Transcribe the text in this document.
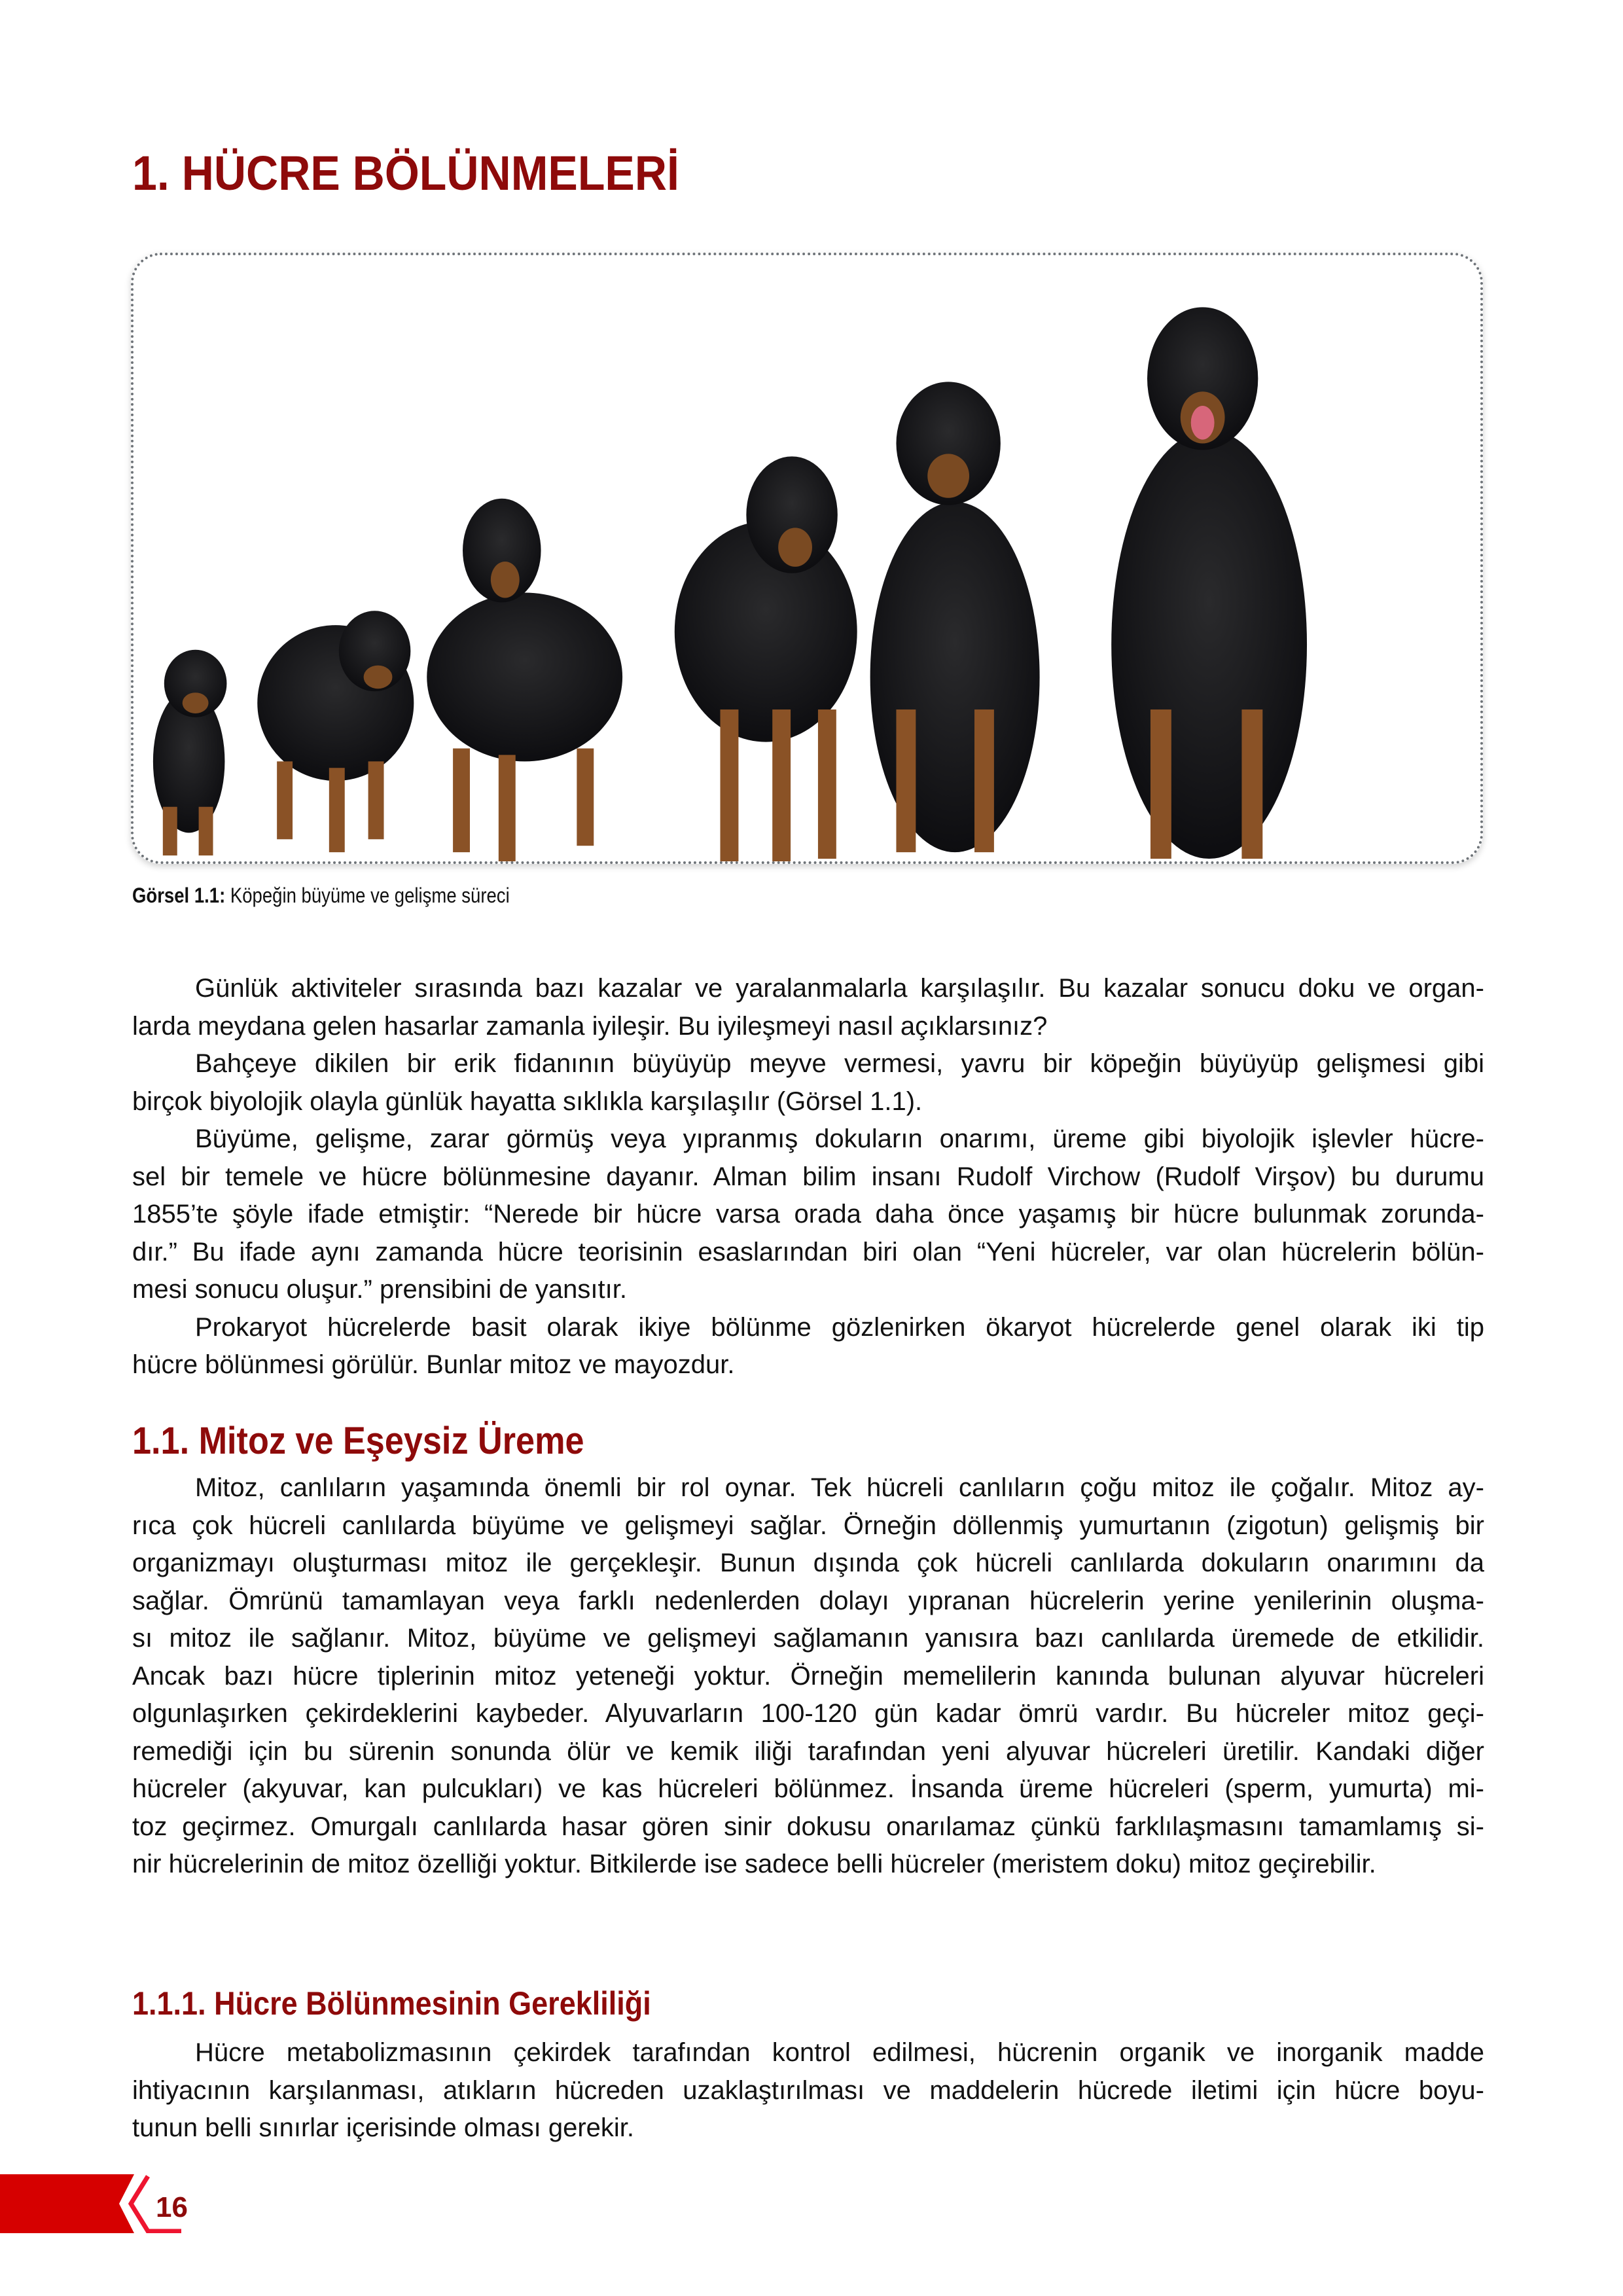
1. HÜCRE BÖLÜNMELERİ
Görsel 1.1: Köpeğin büyüme ve gelişme süreci
Günlük aktiviteler sırasında bazı kazalar ve yaralanmalarla karşılaşılır. Bu kazalar sonucu doku ve organ-
larda meydana gelen hasarlar zamanla iyileşir. Bu iyileşmeyi nasıl açıklarsınız?
Bahçeye dikilen bir erik fidanının büyüyüp meyve vermesi, yavru bir köpeğin büyüyüp gelişmesi gibi
birçok biyolojik olayla günlük hayatta sıklıkla karşılaşılır (Görsel 1.1).
Büyüme, gelişme, zarar görmüş veya yıpranmış dokuların onarımı, üreme gibi biyolojik işlevler hücre-
sel bir temele ve hücre bölünmesine dayanır. Alman bilim insanı Rudolf Virchow (Rudolf Virşov) bu durumu
1855’te şöyle ifade etmiştir: “Nerede bir hücre varsa orada daha önce yaşamış bir hücre bulunmak zorunda-
dır.” Bu ifade aynı zamanda hücre teorisinin esaslarından biri olan “Yeni hücreler, var olan hücrelerin bölün-
mesi sonucu oluşur.” prensibini de yansıtır.
Prokaryot hücrelerde basit olarak ikiye bölünme gözlenirken ökaryot hücrelerde genel olarak iki tip
hücre bölünmesi görülür. Bunlar mitoz ve mayozdur.
1.1. Mitoz ve Eşeysiz Üreme
Mitoz, canlıların yaşamında önemli bir rol oynar. Tek hücreli canlıların çoğu mitoz ile çoğalır. Mitoz ay-
rıca çok hücreli canlılarda büyüme ve gelişmeyi sağlar. Örneğin döllenmiş yumurtanın (zigotun) gelişmiş bir
organizmayı oluşturması mitoz ile gerçekleşir. Bunun dışında çok hücreli canlılarda dokuların onarımını da
sağlar. Ömrünü tamamlayan veya farklı nedenlerden dolayı yıpranan hücrelerin yerine yenilerinin oluşma-
sı mitoz ile sağlanır. Mitoz, büyüme ve gelişmeyi sağlamanın yanısıra bazı canlılarda üremede de etkilidir.
Ancak bazı hücre tiplerinin mitoz yeteneği yoktur. Örneğin memelilerin kanında bulunan alyuvar hücreleri
olgunlaşırken çekirdeklerini kaybeder. Alyuvarların 100-120 gün kadar ömrü vardır. Bu hücreler mitoz geçi-
remediği için bu sürenin sonunda ölür ve kemik iliği tarafından yeni alyuvar hücreleri üretilir. Kandaki diğer
hücreler (akyuvar, kan pulcukları) ve kas hücreleri bölünmez. İnsanda üreme hücreleri (sperm, yumurta) mi-
toz geçirmez. Omurgalı canlılarda hasar gören sinir dokusu onarılamaz çünkü farklılaşmasını tamamlamış si-
nir hücrelerinin de mitoz özelliği yoktur. Bitkilerde ise sadece belli hücreler (meristem doku) mitoz geçirebilir.
1.1.1. Hücre Bölünmesinin Gerekliliği
Hücre metabolizmasının çekirdek tarafından kontrol edilmesi, hücrenin organik ve inorganik madde
ihtiyacının karşılanması, atıkların hücreden uzaklaştırılması ve maddelerin hücrede iletimi için hücre boyu-
tunun belli sınırlar içerisinde olması gerekir.
16
